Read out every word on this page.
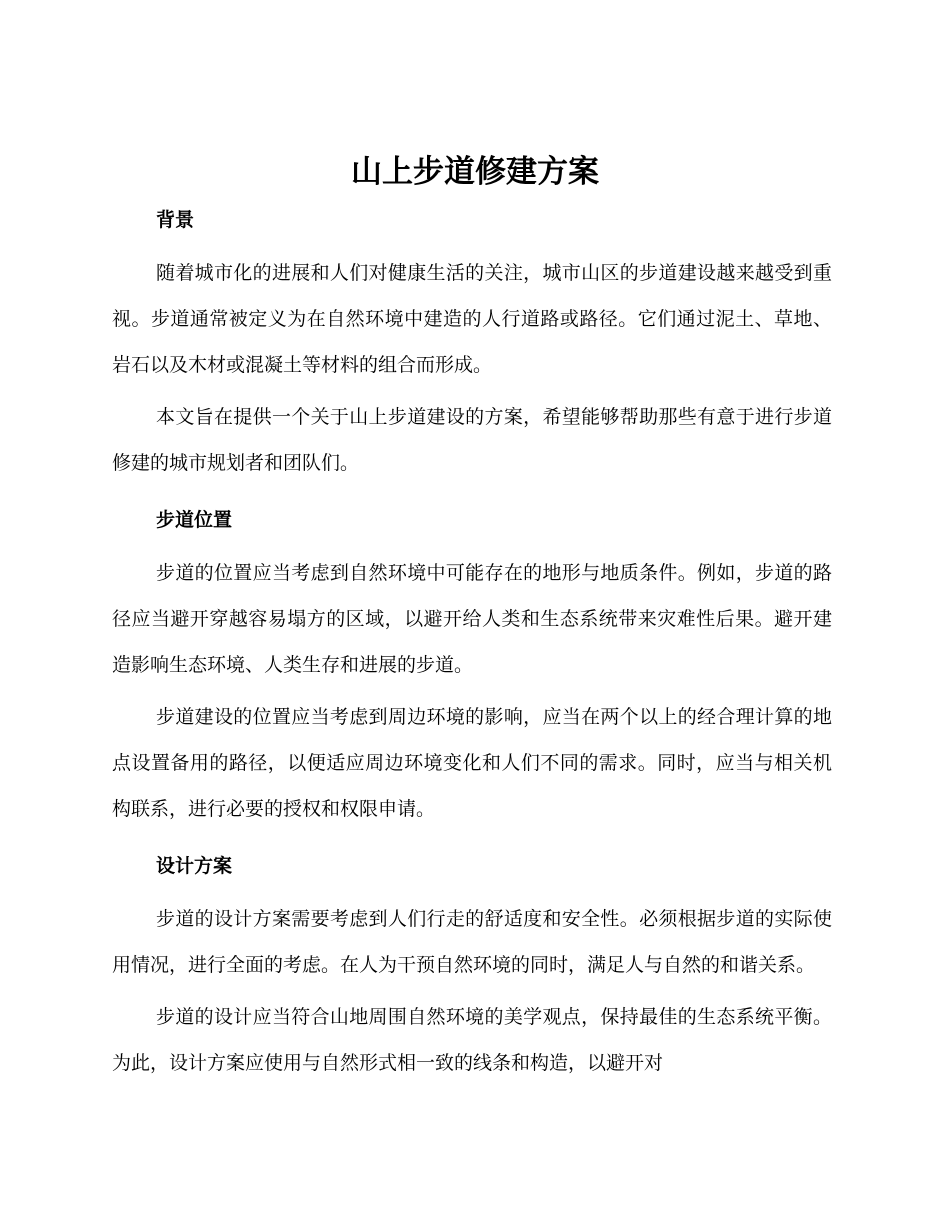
山上步道修建方案
背景

随着城市化的进展和人们对健康生活的关注，城市山区的步道建设越来越受到重视。步道通常被定义为在自然环境中建造的人行道路或路径。它们通过泥土、草地、岩石以及木材或混凝土等材料的组合而形成。

本文旨在提供一个关于山上步道建设的方案，希望能够帮助那些有意于进行步道修建的城市规划者和团队们。

步道位置

步道的位置应当考虑到自然环境中可能存在的地形与地质条件。例如，步道的路径应当避开穿越容易塌方的区域，以避开给人类和生态系统带来灾难性后果。避开建造影响生态环境、人类生存和进展的步道。

步道建设的位置应当考虑到周边环境的影响，应当在两个以上的经合理计算的地点设置备用的路径，以便适应周边环境变化和人们不同的需求。同时，应当与相关机构联系，进行必要的授权和权限申请。

设计方案

步道的设计方案需要考虑到人们行走的舒适度和安全性。必须根据步道的实际使用情况，进行全面的考虑。在人为干预自然环境的同时，满足人与自然的和谐关系。

步道的设计应当符合山地周围自然环境的美学观点，保持最佳的生态系统平衡。为此，设计方案应使用与自然形式相一致的线条和构造，以避开对
